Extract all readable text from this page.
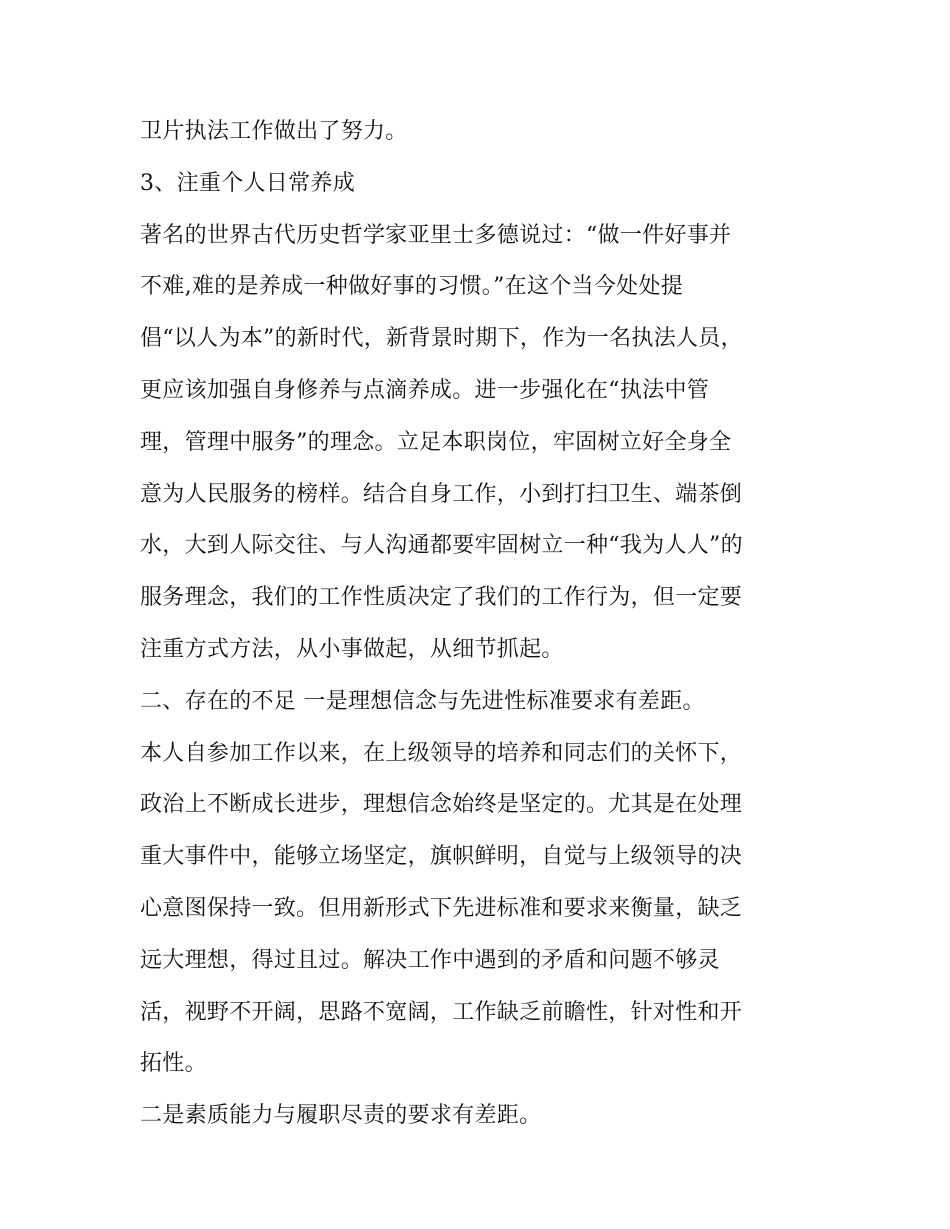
卫片执法工作做出了努力。
3、注重个人日常养成
著名的世界古代历史哲学家亚里士多德说过：“做一件好事并
不难,难的是养成一种做好事的习惯。”在这个当今处处提
倡“以人为本”的新时代，新背景时期下，作为一名执法人员，
更应该加强自身修养与点滴养成。进一步强化在“执法中管
理，管理中服务”的理念。立足本职岗位，牢固树立好全身全
意为人民服务的榜样。结合自身工作，小到打扫卫生、端茶倒
水，大到人际交往、与人沟通都要牢固树立一种“我为人人”的
服务理念，我们的工作性质决定了我们的工作行为，但一定要
注重方式方法，从小事做起，从细节抓起。
二、存在的不足 一是理想信念与先进性标准要求有差距。
本人自参加工作以来，在上级领导的培养和同志们的关怀下，
政治上不断成长进步，理想信念始终是坚定的。尤其是在处理
重大事件中，能够立场坚定，旗帜鲜明，自觉与上级领导的决
心意图保持一致。但用新形式下先进标准和要求来衡量，缺乏
远大理想，得过且过。解决工作中遇到的矛盾和问题不够灵
活，视野不开阔，思路不宽阔，工作缺乏前瞻性，针对性和开
拓性。
二是素质能力与履职尽责的要求有差距。
